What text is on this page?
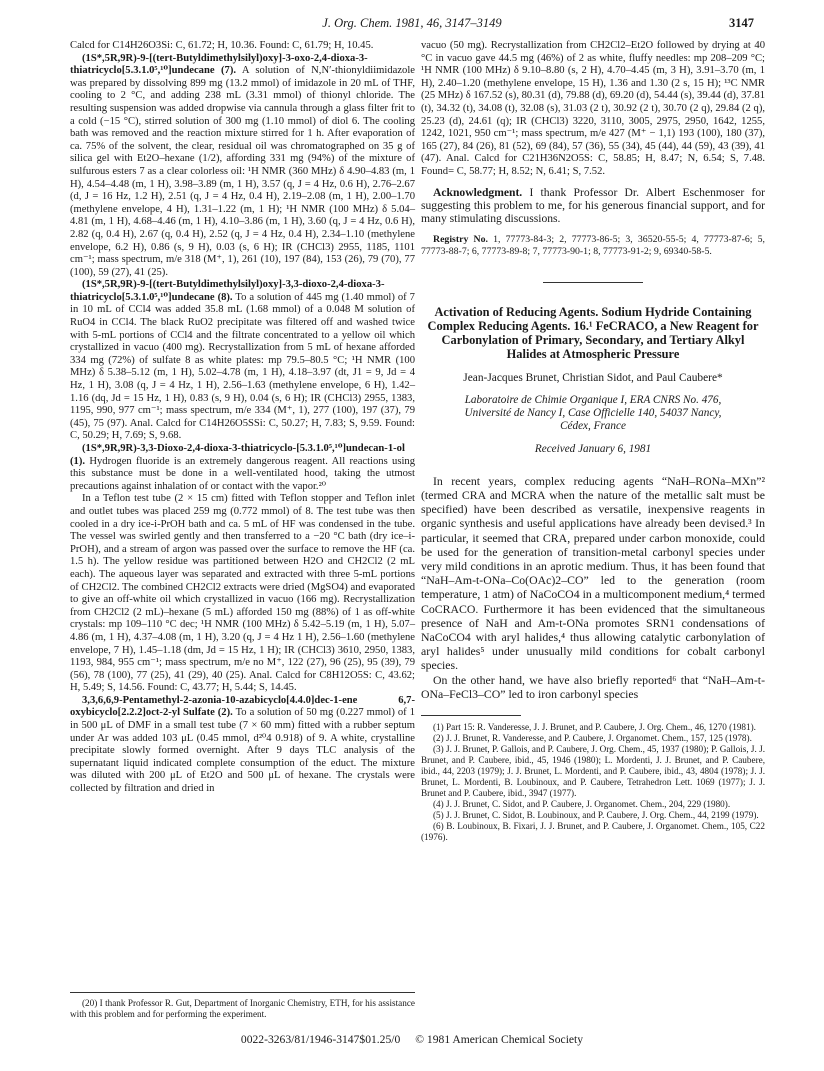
J. Org. Chem. 1981, 46, 3147–3149	3147

Calcd for C14H26O3Si: C, 61.72; H, 10.36. Found: C, 61.79; H, 10.45.

(1S*,5R,9R)-9-[(tert-Butyldimethylsilyl)oxy]-3-oxo-2,4-dioxa-3-thiatricyclo[5.3.1.0⁵,¹⁰]undecane (7). A solution of N,N′-thionyldiimidazole was prepared by dissolving 899 mg (13.2 mmol) of imidazole in 20 mL of THF, cooling to 2 °C, and adding 238 mL (3.31 mmol) of thionyl chloride. The resulting suspension was added dropwise via cannula through a glass filter frit to a cold (−15 °C), stirred solution of 300 mg (1.10 mmol) of diol 6. The cooling bath was removed and the reaction mixture stirred for 1 h. After evaporation of ca. 75% of the solvent, the clear, residual oil was chromatographed on 35 g of silica gel with Et2O–hexane (1/2), affording 331 mg (94%) of the mixture of sulfurous esters 7 as a clear colorless oil: ¹H NMR (360 MHz) δ 4.90–4.83 (m, 1 H), 4.54–4.48 (m, 1 H), 3.98–3.89 (m, 1 H), 3.57 (q, J = 4 Hz, 0.6 H), 2.76–2.67 (d, J = 16 Hz, 1.2 H), 2.51 (q, J = 4 Hz, 0.4 H), 2.19–2.08 (m, 1 H), 2.00–1.70 (methylene envelope, 4 H), 1.31–1.22 (m, 1 H); ¹H NMR (100 MHz) δ 5.04–4.81 (m, 1 H), 4.68–4.46 (m, 1 H), 4.10–3.86 (m, 1 H), 3.60 (q, J = 4 Hz, 0.6 H), 2.82 (q, 0.4 H), 2.67 (q, 0.4 H), 2.52 (q, J = 4 Hz, 0.4 H), 2.34–1.10 (methylene envelope, 6.2 H), 0.86 (s, 9 H), 0.03 (s, 6 H); IR (CHCl3) 2955, 1185, 1101 cm⁻¹; mass spectrum, m/e 318 (M⁺, 1), 261 (10), 197 (84), 153 (26), 79 (70), 77 (100), 59 (27), 41 (25).

(1S*,5R,9R)-9-[(tert-Butyldimethylsilyl)oxy]-3,3-dioxo-2,4-dioxa-3-thiatricyclo[5.3.1.0⁵,¹⁰]undecane (8). To a solution of 445 mg (1.40 mmol) of 7 in 10 mL of CCl4 was added 35.8 mL (1.68 mmol) of a 0.048 M solution of RuO4 in CCl4. The black RuO2 precipitate was filtered off and washed twice with 5-mL portions of CCl4 and the filtrate concentrated to a yellow oil which crystallized in vacuo (400 mg). Recrystallization from 5 mL of hexane afforded 334 mg (72%) of sulfate 8 as white plates: mp 79.5–80.5 °C; ¹H NMR (100 MHz) δ 5.38–5.12 (m, 1 H), 5.02–4.78 (m, 1 H), 4.18–3.97 (dt, J1 = 9, Jd = 4 Hz, 1 H), 3.08 (q, J = 4 Hz, 1 H), 2.56–1.63 (methylene envelope, 6 H), 1.42–1.16 (dq, Jd = 15 Hz, 1 H), 0.83 (s, 9 H), 0.04 (s, 6 H); IR (CHCl3) 2955, 1383, 1195, 990, 977 cm⁻¹; mass spectrum, m/e 334 (M⁺, 1), 277 (100), 197 (37), 79 (45), 75 (97). Anal. Calcd for C14H26O5SSi: C, 50.27; H, 7.83; S, 9.59. Found: C, 50.29; H, 7.69; S, 9.68.

(1S*,9R,9R)-3,3-Dioxo-2,4-dioxa-3-thiatricyclo-[5.3.1.0⁵,¹⁰]undecan-1-ol (1). Hydrogen fluoride is an extremely dangerous reagent. All reactions using this substance must be done in a well-ventilated hood, taking the utmost precautions against inhalation of or contact with the vapor.²⁰

In a Teflon test tube (2 × 15 cm) fitted with Teflon stopper and Teflon inlet and outlet tubes was placed 259 mg (0.772 mmol) of 8. The test tube was then cooled in a dry ice-i-PrOH bath and ca. 5 mL of HF was condensed in the tube. The vessel was swirled gently and then transferred to a −20 °C bath (dry ice–i-PrOH), and a stream of argon was passed over the surface to remove the HF (ca. 1.5 h). The yellow residue was partitioned between H2O and CH2Cl2 (2 mL each). The aqueous layer was separated and extracted with three 5-mL portions of CH2Cl2. The combined CH2Cl2 extracts were dried (MgSO4) and evaporated to give an off-white oil which crystallized in vacuo (166 mg). Recrystallization from CH2Cl2 (2 mL)–hexane (5 mL) afforded 150 mg (88%) of 1 as off-white crystals: mp 109–110 °C dec; ¹H NMR (100 MHz) δ 5.42–5.19 (m, 1 H), 5.07–4.86 (m, 1 H), 4.37–4.08 (m, 1 H), 3.20 (q, J = 4 Hz 1 H), 2.56–1.60 (methylene envelope, 7 H), 1.45–1.18 (dm, Jd = 15 Hz, 1 H); IR (CHCl3) 3610, 2950, 1383, 1193, 984, 955 cm⁻¹; mass spectrum, m/e no M⁺, 122 (27), 96 (25), 95 (39), 79 (56), 78 (100), 77 (25), 41 (29), 40 (25). Anal. Calcd for C8H12O5S: C, 43.62; H, 5.49; S, 14.56. Found: C, 43.77; H, 5.44; S, 14.45.

3,3,6,6,9-Pentamethyl-2-azonia-10-azabicyclo[4.4.0]dec-1-ene 6,7-oxybicyclo[2.2.2]oct-2-yl Sulfate (2). To a solution of 50 mg (0.227 mmol) of 1 in 500 μL of DMF in a small test tube (7 × 60 mm) fitted with a rubber septum under Ar was added 103 μL (0.45 mmol, d²⁰4 0.918) of 9. A white, crystalline precipitate slowly formed overnight. After 9 days TLC analysis of the supernatant liquid indicated complete consumption of the educt. The mixture was diluted with 200 μL of Et2O and 500 μL of hexane. The crystals were collected by filtration and dried in

(20) I thank Professor R. Gut, Department of Inorganic Chemistry, ETH, for his assistance with this problem and for performing the experiment.

vacuo (50 mg). Recrystallization from CH2Cl2–Et2O followed by drying at 40 °C in vacuo gave 44.5 mg (46%) of 2 as white, fluffy needles: mp 208–209 °C; ¹H NMR (100 MHz) δ 9.10–8.80 (s, 2 H), 4.70–4.45 (m, 3 H), 3.91–3.70 (m, 1 H), 2.40–1.20 (methylene envelope, 15 H), 1.36 and 1.30 (2 s, 15 H); ¹³C NMR (25 MHz) δ 167.52 (s), 80.31 (d), 79.88 (d), 69.20 (d), 54.44 (s), 39.44 (d), 37.81 (t), 34.32 (t), 34.08 (t), 32.08 (s), 31.03 (2 t), 30.92 (2 t), 30.70 (2 q), 29.84 (2 q), 25.23 (d), 24.61 (q); IR (CHCl3) 3220, 3110, 3005, 2975, 2950, 1642, 1255, 1242, 1021, 950 cm⁻¹; mass spectrum, m/e 427 (M⁺ − 1,1) 193 (100), 180 (37), 165 (27), 84 (26), 81 (52), 69 (84), 57 (36), 55 (34), 45 (44), 44 (59), 43 (39), 41 (47). Anal. Calcd for C21H36N2O5S: C, 58.85; H, 8.47; N, 6.54; S, 7.48. Found= C, 58.77; H, 8.52; N, 6.41; S, 7.52.

Acknowledgment. I thank Professor Dr. Albert Eschenmoser for suggesting this problem to me, for his generous financial support, and for many stimulating discussions.

Registry No. 1, 77773-84-3; 2, 77773-86-5; 3, 36520-55-5; 4, 77773-87-6; 5, 77773-88-7; 6, 77773-89-8; 7, 77773-90-1; 8, 77773-91-2; 9, 69340-58-5.

Activation of Reducing Agents. Sodium Hydride Containing Complex Reducing Agents. 16.¹ FeCRACO, a New Reagent for Carbonylation of Primary, Secondary, and Tertiary Alkyl Halides at Atmospheric Pressure
Jean-Jacques Brunet, Christian Sidot, and Paul Caubere*
Laboratoire de Chimie Organique I, ERA CNRS No. 476,
Université de Nancy I, Case Officielle 140, 54037 Nancy,
Cédex, France
Received January 6, 1981

In recent years, complex reducing agents “NaH–RONa–MXn”² (termed CRA and MCRA when the nature of the metallic salt must be specified) have been described as versatile, inexpensive reagents in organic synthesis and useful applications have already been devised.³ In particular, it seemed that CRA, prepared under carbon monoxide, could be used for the generation of transition-metal carbonyl species under very mild conditions in an aprotic medium. Thus, it has been found that “NaH–Am-t-ONa–Co(OAc)2–CO” led to the generation (room temperature, 1 atm) of NaCoCO4 in a multicomponent medium,⁴ termed CoCRACO. Furthermore it has been evidenced that the simultaneous presence of NaH and Am-t-ONa promotes SRN1 condensations of NaCoCO4 with aryl halides,⁴ thus allowing catalytic carbonylation of aryl halides⁵ under unusually mild conditions for cobalt carbonyl species.

On the other hand, we have also briefly reported⁶ that “NaH–Am-t-ONa–FeCl3–CO” led to iron carbonyl species

(1) Part 15: R. Vanderesse, J. J. Brunet, and P. Caubere, J. Org. Chem., 46, 1270 (1981).

(2) J. J. Brunet, R. Vanderesse, and P. Caubere, J. Organomet. Chem., 157, 125 (1978).

(3) J. J. Brunet, P. Gallois, and P. Caubere, J. Org. Chem., 45, 1937 (1980); P. Gallois, J. J. Brunet, and P. Caubere, ibid., 45, 1946 (1980); L. Mordenti, J. J. Brunet, and P. Caubere, ibid., 44, 2203 (1979); J. J. Brunet, L. Mordenti, and P. Caubere, ibid., 43, 4804 (1978); J. J. Brunet, L. Mordenti, B. Loubinoux, and P. Caubere, Tetrahedron Lett. 1069 (1977); J. J. Brunet and P. Caubere, ibid., 3947 (1977).

(4) J. J. Brunet, C. Sidot, and P. Caubere, J. Organomet. Chem., 204, 229 (1980).

(5) J. J. Brunet, C. Sidot, B. Loubinoux, and P. Caubere, J. Org. Chem., 44, 2199 (1979).

(6) B. Loubinoux, B. Fixari, J. J. Brunet, and P. Caubere, J. Organomet. Chem., 105, C22 (1976).

0022-3263/81/1946-3147$01.25/0 © 1981 American Chemical Society
